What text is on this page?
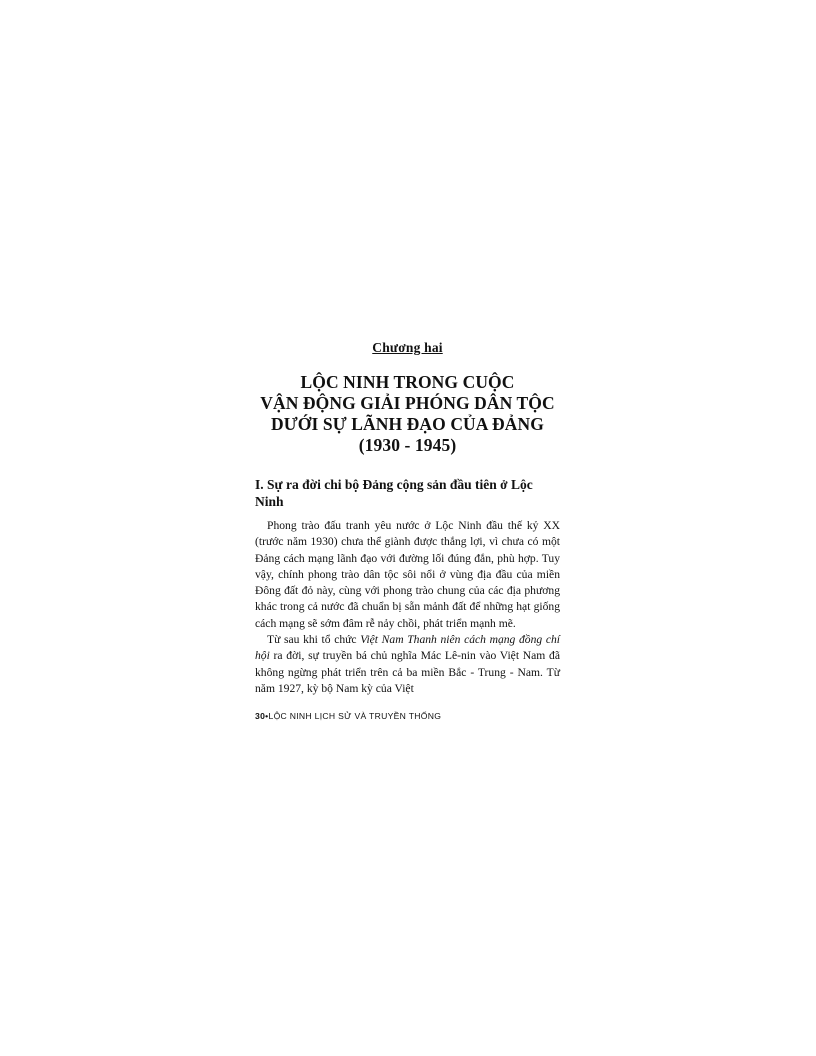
Chương hai
LỘC NINH TRONG CUỘC
VẬN ĐỘNG GIẢI PHÓNG DÂN TỘC
DƯỚI SỰ LÃNH ĐẠO CỦA ĐẢNG
(1930 - 1945)
I. Sự ra đời chi bộ Đảng cộng sản đầu tiên ở Lộc Ninh

Phong trào đấu tranh yêu nước ở Lộc Ninh đầu thế kỷ XX (trước năm 1930) chưa thể giành được thắng lợi, vì chưa có một Đảng cách mạng lãnh đạo với đường lối đúng đắn, phù hợp. Tuy vậy, chính phong trào dân tộc sôi nổi ở vùng địa đầu của miền Đông đất đỏ này, cùng với phong trào chung của các địa phương khác trong cả nước đã chuẩn bị sẵn mảnh đất để những hạt giống cách mạng sẽ sớm đâm rễ nảy chồi, phát triển mạnh mẽ.

Từ sau khi tổ chức Việt Nam Thanh niên cách mạng đồng chí hội ra đời, sự truyền bá chủ nghĩa Mác Lê-nin vào Việt Nam đã không ngừng phát triển trên cả ba miền Bắc - Trung - Nam. Từ năm 1927, kỳ bộ Nam kỳ của Việt

30•LỘC NINH LỊCH SỬ VÀ TRUYỀN THỐNG
